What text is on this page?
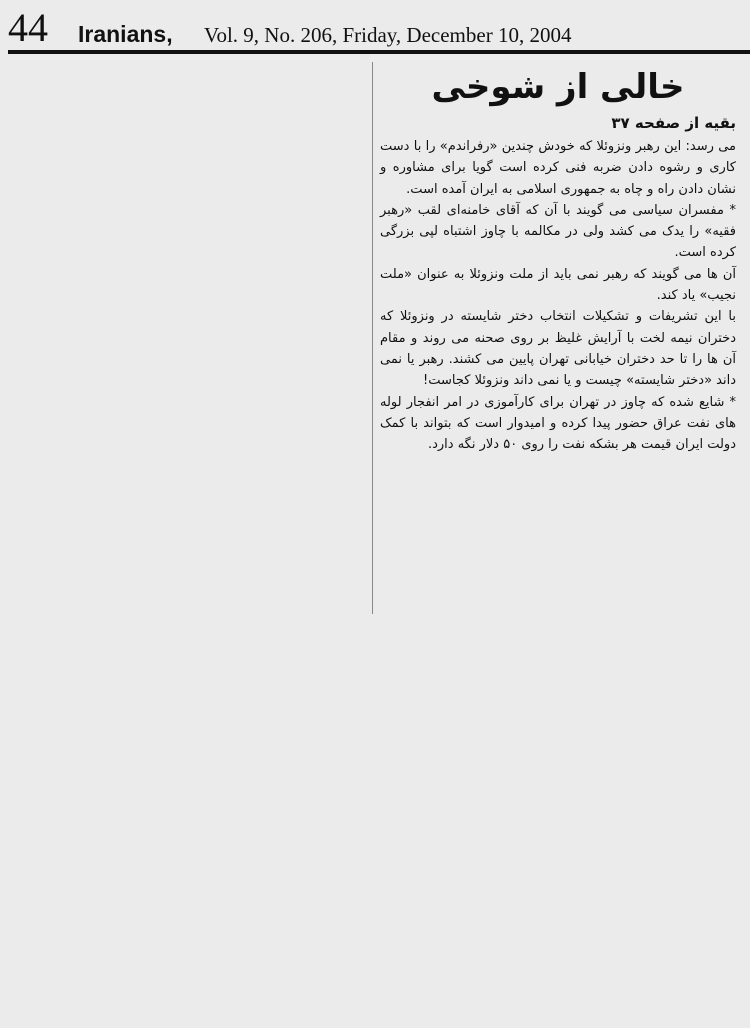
44 Iranians, Vol. 9, No. 206, Friday, December 10, 2004
خالی از شوخی

بقیه از صفحه ۳۷

می رسد: این رهبر ونزوئلا که خودش چندین «رفراندم» را با دست کاری و رشوه دادن ضربه فنی کرده است گویا برای مشاوره و نشان دادن راه و چاه به جمهوری اسلامی به ایران آمده است.

* مفسران سیاسی می گویند با آن که آقای خامنه‌ای لقب «رهبر فقیه» را یدک می کشد ولی در مکالمه با چاوز اشتباه لپی بزرگی کرده است.

آن ها می گویند که رهبر نمی باید از ملت ونزوئلا به عنوان «ملت نجیب» یاد کند.

با این تشریفات و تشکیلات انتخاب دختر شایسته در ونزوئلا که دختران نیمه لخت با آرایش غلیظ بر روی صحنه می روند و مقام آن ها را تا حد دختران خیابانی تهران پایین می کشند. رهبر یا نمی داند «دختر شایسته» چیست و یا نمی داند ونزوئلا کجاست!

* شایع شده که چاوز در تهران برای کارآموزی در امر انفجار لوله های نفت عراق حضور پیدا کرده و امیدوار است که بتواند با کمک دولت ایران قیمت هر بشکه نفت را روی ۵۰ دلار نگه دارد.
